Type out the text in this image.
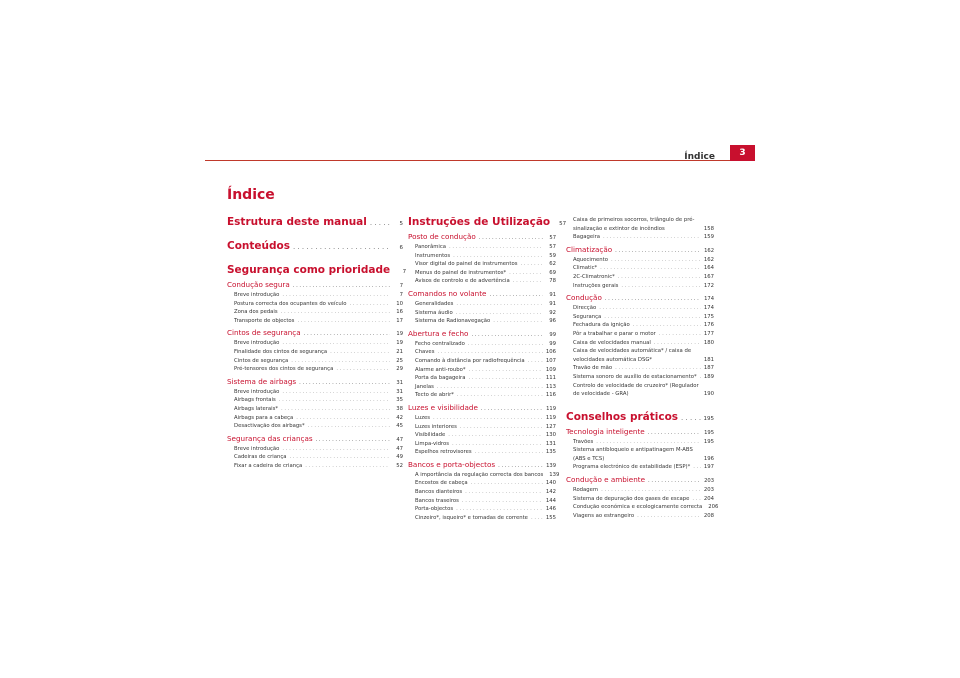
Índice	3
Índice
Estrutura deste manual . . .	5
Conteúdos . . .	6
Segurança como prioridade	7
Condução segura . . .	7
Breve introdução . . .	7
Postura correcta dos ocupantes do veículo . . .	10
Zona dos pedais . . .	16
Transporte de objectos . . .	17
Cintos de segurança . . .	19
Breve introdução . . .	19
Finalidade dos cintos de segurança . . .	21
Cintos de segurança . . .	25
Pré-tensores dos cintos de segurança . . .	29
Sistema de airbags . . .	31
Breve introdução . . .	31
Airbags frontais . . .	35
Airbags laterais* . . .	38
Airbags para a cabeça . . .	42
Desactivação dos airbags* . . .	45
Segurança das crianças . . .	47
Breve introdução . . .	47
Cadeiras de criança . . .	49
Fixar a cadeira de criança . . .	52
Instruções de Utilização	57
Posto de condução . . .	57
Panorâmica . . .	57
Instrumentos . . .	59
Visor digital do painel de instrumentos . . .	62
Menus do painel de instrumentos* . . .	69
Avisos de controlo e de advertência . . .	78
Comandos no volante . . .	91
Generalidades . . .	91
Sistema áudio . . .	92
Sistema de Radionavegação . . .	96
Abertura e fecho . . .	99
Fecho centralizado . . .	99
Chaves . . .	106
Comando à distância por radiofrequência . . .	107
Alarme anti-roubo* . . .	109
Porta da bagageira . . .	111
Janelas . . .	113
Tecto de abrir* . . .	116
Luzes e visibilidade . . .	119
Luzes . . .	119
Luzes interiores . . .	127
Visibilidade . . .	130
Limpa-vidros . . .	131
Espelhos retrovisores . . .	135
Bancos e porta-objectos . . .	139
A importância da regulação correcta dos bancos 139
Encostos de cabeça . . .	140
Bancos dianteiros . . .	142
Bancos traseiros . . .	144
Porta-objectos . . .	146
Cinzeiro*, isqueiro* e tomadas de corrente . . .	155
Caixa de primeiros socorros, triângulo de pré-
sinalização e extintor de incêndios	158
Bagageira . . .	159
Climatização . . .	162
Aquecimento . . .	162
Climatic* . . .	164
2C-Climatronic* . . .	167
Instruções gerais . . .	172
Condução . . .	174
Direcção . . .	174
Segurança . . .	175
Fechadura da ignição . . .	176
Pôr a trabalhar e parar o motor . . .	177
Caixa de velocidades manual . . .	180
Caixa de velocidades automática* / caixa de
velocidades automática DSG*	181
Travão de mão . . .	187
Sistema sonoro de auxílio de estacionamento* . . . 189
Controlo de velocidade de cruzeiro* (Regulador
de velocidade - GRA)	190
Conselhos práticos . . .	195
Tecnologia inteligente . . .	195
Travões . . .	195
Sistema antibloqueio e antipatinagem M-ABS
(ABS e TCS)	196
Programa electrónico de estabilidade (ESP)* . . .	197
Condução e ambiente . . .	203
Rodagem . . .	203
Sistema de depuração dos gases de escape . . .	204
Condução económica e ecologicamente correcta 206
Viagens ao estrangeiro . . .	208
